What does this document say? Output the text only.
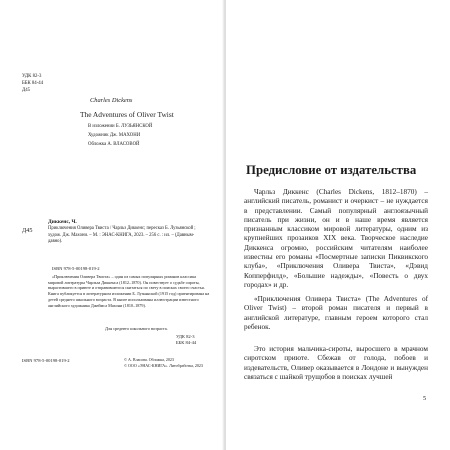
УДК 82-3

ББК 84-44

Д45

Charles Dickens

The Adventures of Oliver Twist

В изложении Б. ЛУЗЬЯНСКОЙ

Художник Дж. МАХОНИ

Обложка А. ВЛАСОВОЙ

Д45

Диккенс, Ч.

Приключения Оливера Твиста / Чарльз Диккенс; пересказ Б. Лузьянской ; худож. Дж. Махони. – М. : ЭНАС-КНИГА, 2023. – 256 с. : ил. – (Давным-давно).

ISBN 978-5-00198-019-2

«Приключения Оливера Твиста» – один из самых популярных романов классика мировой литературы Чарльза Диккенса (1812–1870). Он повествует о судьбе сироты, вырастившего в приюте и отправившегося скитаться по свету в поисках своего счастья. Книга публикуется в литературном изложении Б. Лузьянской (1915 год) ориентирована на детей среднего школьного возраста. В книге использованы иллюстрации известного английского художника Джеймса Махони (1810–1879).

Для среднего школьного возраста.

УДК 82-3
ББК 84-44

ISBN 978-5-00198-019-2	© А. Власова. Обложка, 2023
© ООО «ЭНАС-КНИГА». Литобработка, 2023
Предисловие от издательства

Чарльз Диккенс (Charles Dickens, 1812–1870) – английский писатель, романист и очеркист – не нуждается в представлении. Самый популярный англоязычный писатель при жизни, он и в наше время является признанным классиком мировой литературы, одним из крупнейших прозаиков XIX века. Творческое наследие Диккенса огромно, российским читателям наиболее известны его романы «Посмертные записки Пиквикского клуба», «Приключения Оливера Твиста», «Дэвид Копперфилд», «Большие надежды», «Повесть о двух городах» и др.

«Приключения Оливера Твиста» (The Adventures of Oliver Twist) – второй роман писателя и первый в английской литературе, главным героем которого стал ребенок.

Это история мальчика-сироты, выросшего в мрачном сиротском приюте. Сбежав от голода, побоев и издевательств, Оливер оказывается в Лондоне и вынужден связаться с шайкой трущобов в поисках лучшей

5
